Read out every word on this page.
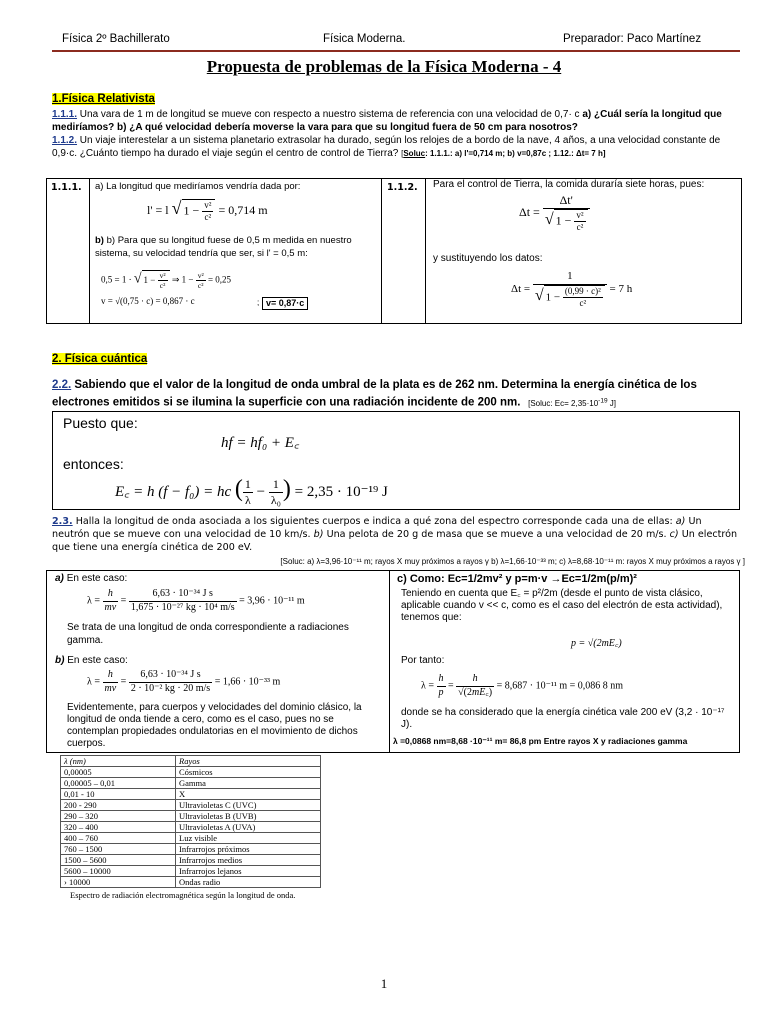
Física 2º Bachillerato	Física Moderna.	Preparador: Paco Martínez
Propuesta de problemas de la Física Moderna - 4
1.Física Relativista
1.1.1. Una vara de 1 m de longitud se mueve con respecto a nuestro sistema de referencia con una velocidad de 0,7· c a) ¿Cuál sería la longitud que mediríamos? b) ¿A qué velocidad debería moverse la vara para que su longitud fuera de 50 cm para nosotros?
1.1.2. Un viaje interestelar a un sistema planetario extrasolar ha durado, según los relojes de a bordo de la nave, 4 años, a una velocidad constante de 0,9·c. ¿Cuánto tiempo ha durado el viaje según el centro de control de Tierra? [Soluc: 1.1.1.: a) l'=0,714 m; b) v=0,87c ; 1.12.: Δt= 7 h]
1.1.1.	a) La longitud que mediríamos vendría dada por:
l' = l √ $1 - \frac{\text{v²}}{\text{c²}} = 0,714$ m
b) b) Para que su longitud fuese de 0,5 m medida en nuestro sistema, su velocidad tendría que ser, si l' = 0,5 m:
0,5 = 1 · √ $1 - \frac{\text{v²}}{\text{c²}}$ ⇒ $1 - \frac{\text{v²}}{\text{c²}} = 0,25$
v = √(0,75 · c) = 0,867 · c	; v= 0,87·c
1.1.2.	Para el control de Tierra, la comida duraría siete horas, pues:
$\Delta t = \frac{\Delta t'}{√ 1 - \frac{\text{v²}}{\text{c²}}}$
y sustituyendo los datos:
$\Delta t = \frac{1}{√ 1 - \frac{\text{(0,99 · c)²}}{\text{c²}}} = 7$ h
2. Física cuántica
2.2. Sabiendo que el valor de la longitud de onda umbral de la plata es de 262 nm. Determina la energía cinética de los electrones emitidos si se ilumina la superficie con una radiación incidente de 200 nm. [Soluc: $Ec= 2,35\cdot 10^{-19}$ J]
Puesto que:
hf = hf₀ + E꜀
entonces:
E꜀ = h (f − f₀) = hc ( $\frac{1}{\lambda} - \frac{1}{\text{λ₀}}$ ) = 2,35 · 10⁻¹⁹ J
2.3. Halla la longitud de onda asociada a los siguientes cuerpos e indica a qué zona del espectro corresponde cada una de ellas: a) Un neutrón que se mueve con una velocidad de 10 km/s. b) Una pelota de 20 g de masa que se mueve a una velocidad de 20 m/s. c) Un electrón que tiene una energía cinética de 200 eV.
[Soluc: a) λ=3,96·10⁻¹¹ m; rayos X muy próximos a rayos γ b) λ=1,66·10⁻³³ m; c) λ=8,68·10⁻¹¹ m: rayos X muy próximos a rayos γ ]
a) En este caso:
$\lambda = \frac{h}{mv} = \frac{\text{6,63 · 10⁻³⁴ J s}}{\text{1,675 · 10⁻²⁷ kg · 10⁴ m/s}} = 3,96 \cdot 10^{-11}$ m
Se trata de una longitud de onda correspondiente a radiaciones gamma.
b) En este caso:
$\lambda = \frac{h}{mv} = \frac{\text{6,63 · 10⁻³⁴ J s}}{\text{2 · 10⁻² kg · 20 m/s}} = 1,66 \cdot 10^{-33}$ m
Evidentemente, para cuerpos y velocidades del dominio clásico, la longitud de onda tiende a cero, como es el caso, pues no se contemplan propiedades ondulatorias en el movimiento de dichos cuerpos.
c) Como: Ec=1/2mv² y p=m·v →Ec=1/2m(p/m)²
Teniendo en cuenta que E꜀ = p²/2m (desde el punto de vista clásico, aplicable cuando v << c, como es el caso del electrón de esta actividad), tenemos que:
p = √(2mE꜀)
Por tanto:
$\lambda = \frac{h}{p} = \frac{h}{√(2mE꜀)} = 8,687 \cdot 10^{-11}$ m = 0,086 8 nm
donde se ha considerado que la energía cinética vale 200 eV (3,2 · 10⁻¹⁷ J).
λ =0,0868 nm=8,68 ·10⁻¹¹ m= 86,8 pm Entre rayos X y radiaciones gamma
λ (nm)	Rayos
0,00005	Cósmicos
0,00005 – 0,01	Gamma
0,01 - 10	X
200 - 290	Ultravioletas C (UVC)
290 – 320	Ultravioletas B (UVB)
320 – 400	Ultravioletas A (UVA)
400 – 760	Luz visible
760 – 1500	Infrarrojos próximos
1500 – 5600	Infrarrojos medios
5600 – 10000	Infrarrojos lejanos
› 10000	Ondas radio
Espectro de radiación electromagnética según la longitud de onda.
1
